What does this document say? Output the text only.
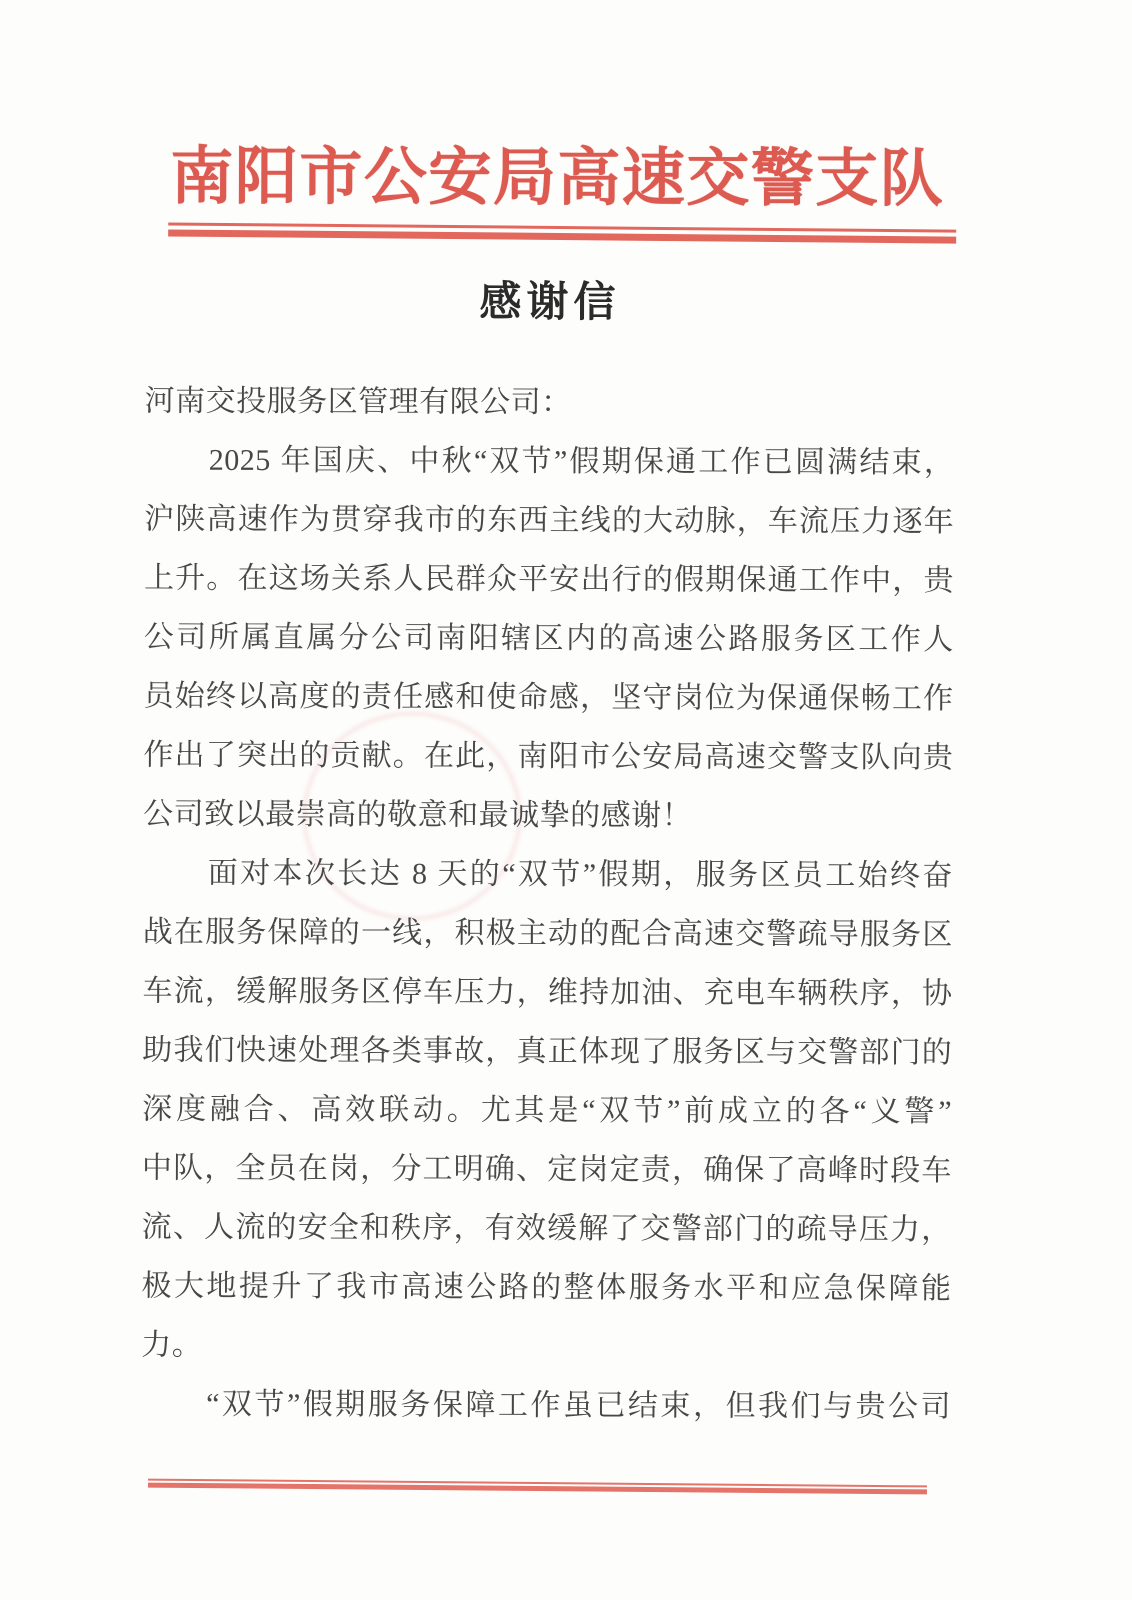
南阳市公安局高速交警支队
感谢信

河南交投服务区管理有限公司：

　　2025 年国庆、中秋“双节”假期保通工作已圆满结束，

沪陕高速作为贯穿我市的东西主线的大动脉，车流压力逐年

上升。在这场关系人民群众平安出行的假期保通工作中，贵

公司所属直属分公司南阳辖区内的高速公路服务区工作人

员始终以高度的责任感和使命感，坚守岗位为保通保畅工作

作出了突出的贡献。在此，南阳市公安局高速交警支队向贵

公司致以最崇高的敬意和最诚挚的感谢！

　　面对本次长达 8 天的“双节”假期，服务区员工始终奋

战在服务保障的一线，积极主动的配合高速交警疏导服务区

车流，缓解服务区停车压力，维持加油、充电车辆秩序，协

助我们快速处理各类事故，真正体现了服务区与交警部门的

深度融合、高效联动。尤其是“双节”前成立的各“义警”

中队，全员在岗，分工明确、定岗定责，确保了高峰时段车

流、人流的安全和秩序，有效缓解了交警部门的疏导压力，

极大地提升了我市高速公路的整体服务水平和应急保障能

力。

　　“双节”假期服务保障工作虽已结束，但我们与贵公司
